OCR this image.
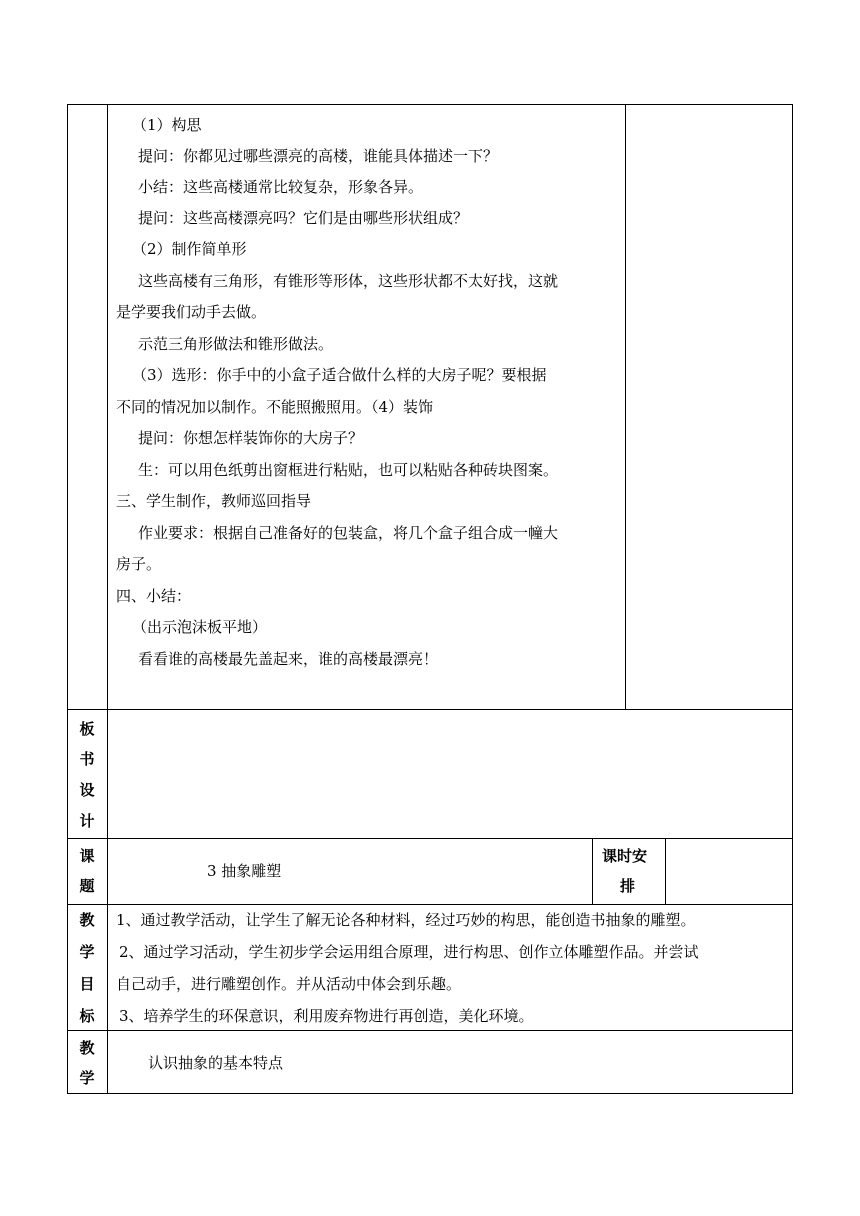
（1）构思
提问：你都见过哪些漂亮的高楼，谁能具体描述一下？
小结：这些高楼通常比较复杂，形象各异。
提问：这些高楼漂亮吗？它们是由哪些形状组成？
（2）制作简单形
这些高楼有三角形，有锥形等形体，这些形状都不太好找，这就
是学要我们动手去做。
示范三角形做法和锥形做法。
（3）选形：你手中的小盒子适合做什么样的大房子呢？要根据
不同的情况加以制作。不能照搬照用。（4）装饰
提问：你想怎样装饰你的大房子？
生：可以用色纸剪出窗框进行粘贴，也可以粘贴各种砖块图案。
三、学生制作，教师巡回指导
作业要求：根据自己准备好的包装盒，将几个盒子组合成一幢大
房子。
四、小结：
（出示泡沫板平地）
看看谁的高楼最先盖起来，谁的高楼最漂亮！
板
书
设
计
课
题
3 抽象雕塑
课时安
排
教
学
目
标
1、通过教学活动，让学生了解无论各种材料，经过巧妙的构思，能创造书抽象的雕塑。
2、通过学习活动，学生初步学会运用组合原理，进行构思、创作立体雕塑作品。并尝试
自己动手，进行雕塑创作。并从活动中体会到乐趣。
3、培养学生的环保意识，利用废弃物进行再创造，美化环境。
教
学
认识抽象的基本特点
